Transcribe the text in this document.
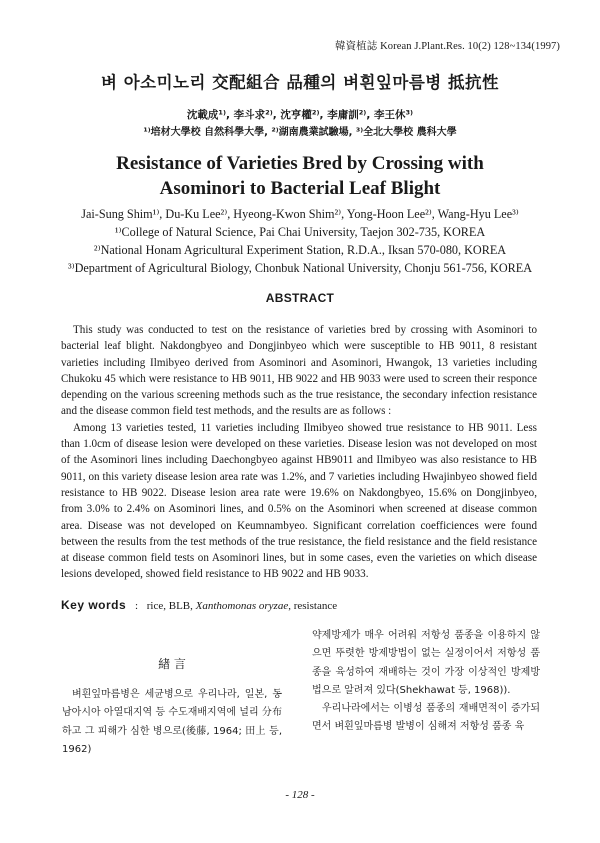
韓資植誌 Korean J.Plant.Res. 10(2) 128~134(1997)
벼 아소미노리 交配組合 品種의 벼흰잎마름병 抵抗性
沈載成¹⁾, 李斗求²⁾, 沈亨權²⁾, 李庸訓²⁾, 李王休³⁾
¹⁾培材大學校 自然科學大學, ²⁾湖南農業試驗場, ³⁾全北大學校 農科大學
Resistance of Varieties Bred by Crossing with
Asominori to Bacterial Leaf Blight
Jai-Sung Shim¹⁾, Du-Ku Lee²⁾, Hyeong-Kwon Shim²⁾, Yong-Hoon Lee²⁾, Wang-Hyu Lee³⁾
¹⁾College of Natural Science, Pai Chai University, Taejon 302-735, KOREA
²⁾National Honam Agricultural Experiment Station, R.D.A., Iksan 570-080, KOREA
³⁾Department of Agricultural Biology, Chonbuk National University, Chonju 561-756, KOREA
ABSTRACT

This study was conducted to test on the resistance of varieties bred by crossing with Asominori to bacterial leaf blight. Nakdongbyeo and Dongjinbyeo which were susceptible to HB 9011, 8 resistant varieties including Ilmibyeo derived from Asominori and Asominori, Hwangok, 13 varieties including Chukoku 45 which were resistance to HB 9011, HB 9022 and HB 9033 were used to screen their responce depending on the various screening methods such as the true resistance, the secondary infection resistance and the disease common field test methods, and the results are as follows :

Among 13 varieties tested, 11 varieties including Ilmibyeo showed true resistance to HB 9011. Less than 1.0cm of disease lesion were developed on these varieties. Disease lesion was not developed on most of the Asominori lines including Daechongbyeo against HB9011 and Ilmibyeo was also resistance to HB 9011, on this variety disease lesion area rate was 1.2%, and 7 varieties including Hwajinbyeo showed field resistance to HB 9022. Disease lesion area rate were 19.6% on Nakdongbyeo, 15.6% on Dongjinbyeo, from 3.0% to 2.4% on Asominori lines, and 0.5% on the Asominori when screened at disease common area. Disease was not developed on Keumnambyeo. Significant correlation coefficiences were found between the results from the test methods of the true resistance, the field resistance and the field resistance at disease common field tests on Asominori lines, but in some cases, even the varieties on which disease lesions developed, showed field resistance to HB 9022 and HB 9033.

Key words : rice, BLB, Xanthomonas oryzae, resistance
緖 言

벼흰잎마름병은 세균병으로 우리나라, 일본, 동남아시아 아열대지역 등 수도재배지역에 널리 分布하고 그 피해가 심한 병으로(後藤, 1964; 田上 등, 1962)

약제방제가 매우 어려워 저항성 품종을 이용하지 않으면 뚜렷한 방제방법이 없는 실정이어서 저항성 품종을 육성하여 재배하는 것이 가장 이상적인 방제방법으로 알려져 있다(Shekhawat 등, 1968)).

우리나라에서는 이병성 품종의 재배면적이 증가되면서 벼흰잎마름병 발병이 심해져 저항성 품종 육

- 128 -
